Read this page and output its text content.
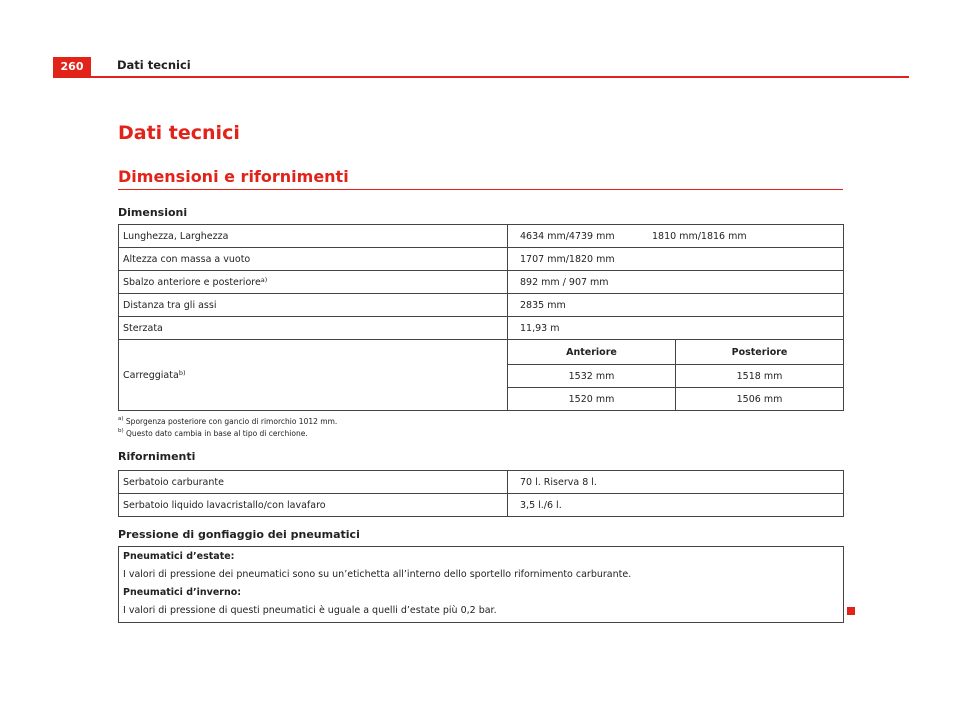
260	Dati tecnici
Dati tecnici
Dimensioni e rifornimenti
Dimensioni
Lunghezza, Larghezza	4634 mm/4739 mm	1810 mm/1816 mm
Altezza con massa a vuoto	1707 mm/1820 mm
Sbalzo anteriore e posteriore$^{a)}$	892 mm / 907 mm
Distanza tra gli assi	2835 mm
Sterzata	11,93 m
Carreggiata$^{b)}$	
Anteriore	Posteriore
1532 mm	1518 mm
1520 mm	1506 mm
$^{a)}$ Sporgenza posteriore con gancio di rimorchio 1012 mm.
$^{b)}$ Questo dato cambia in base al tipo di cerchione.
Rifornimenti
Serbatoio carburante	70 l. Riserva 8 l.
Serbatoio liquido lavacristallo/con lavafaro	3,5 l./6 l.
Pressione di gonfiaggio dei pneumatici
Pneumatici d’estate:
I valori di pressione dei pneumatici sono su un’etichetta all’interno dello sportello rifornimento carburante.
Pneumatici d’inverno:
I valori di pressione di questi pneumatici è uguale a quelli d’estate più 0,2 bar.
